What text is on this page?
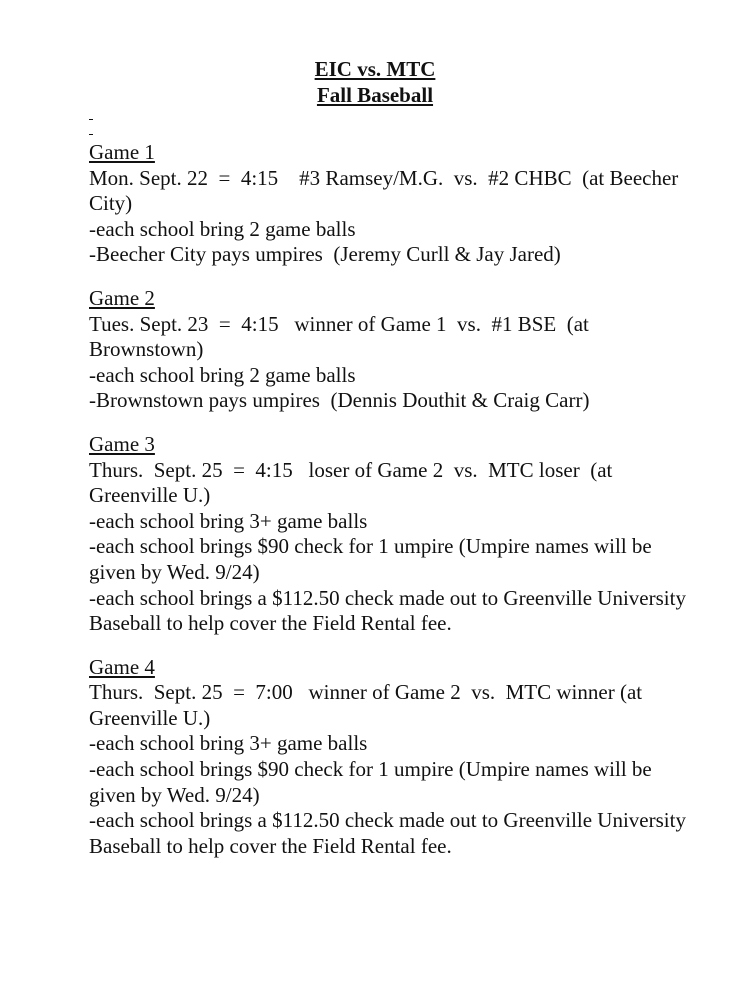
EIC vs. MTC
Fall Baseball
Game 1
Mon. Sept. 22  =  4:15    #3 Ramsey/M.G.  vs.  #2 CHBC  (at Beecher City)
-each school bring 2 game balls
-Beecher City pays umpires  (Jeremy Curll & Jay Jared)
Game 2
Tues. Sept. 23  =  4:15   winner of Game 1  vs.  #1 BSE  (at Brownstown)
-each school bring 2 game balls
-Brownstown pays umpires  (Dennis Douthit & Craig Carr)
Game 3
Thurs.  Sept. 25  =  4:15   loser of Game 2  vs.  MTC loser  (at Greenville U.)
-each school bring 3+ game balls
-each school brings $90 check for 1 umpire (Umpire names will be given by Wed. 9/24)
-each school brings a $112.50 check made out to Greenville University Baseball to help cover the Field Rental fee.
Game 4
Thurs.  Sept. 25  =  7:00   winner of Game 2  vs.  MTC winner (at Greenville U.)
-each school bring 3+ game balls
-each school brings $90 check for 1 umpire (Umpire names will be given by Wed. 9/24)
-each school brings a $112.50 check made out to Greenville University Baseball to help cover the Field Rental fee.
